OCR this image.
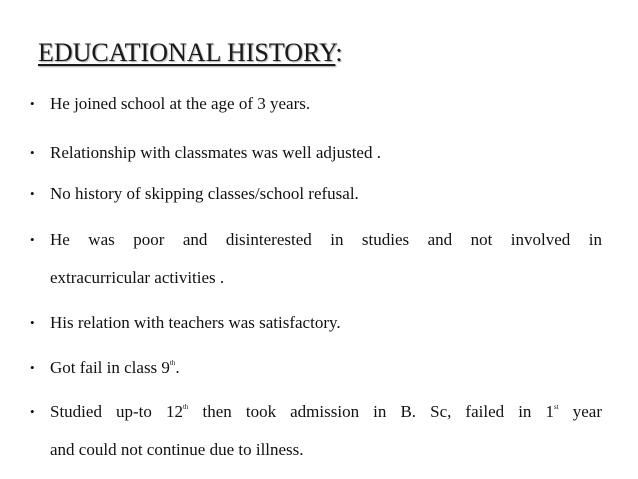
EDUCATIONAL HISTORY:
• He joined school at the age of 3 years.
• Relationship with classmates was well adjusted .
• No history of skipping classes/school refusal.
• He was poor and disinterested in studies and not involved in
extracurricular activities .
• His relation with teachers was satisfactory.
• Got fail in class 9th.
• Studied up-to 12th then took admission in B. Sc, failed in 1st year
and could not continue due to illness.
